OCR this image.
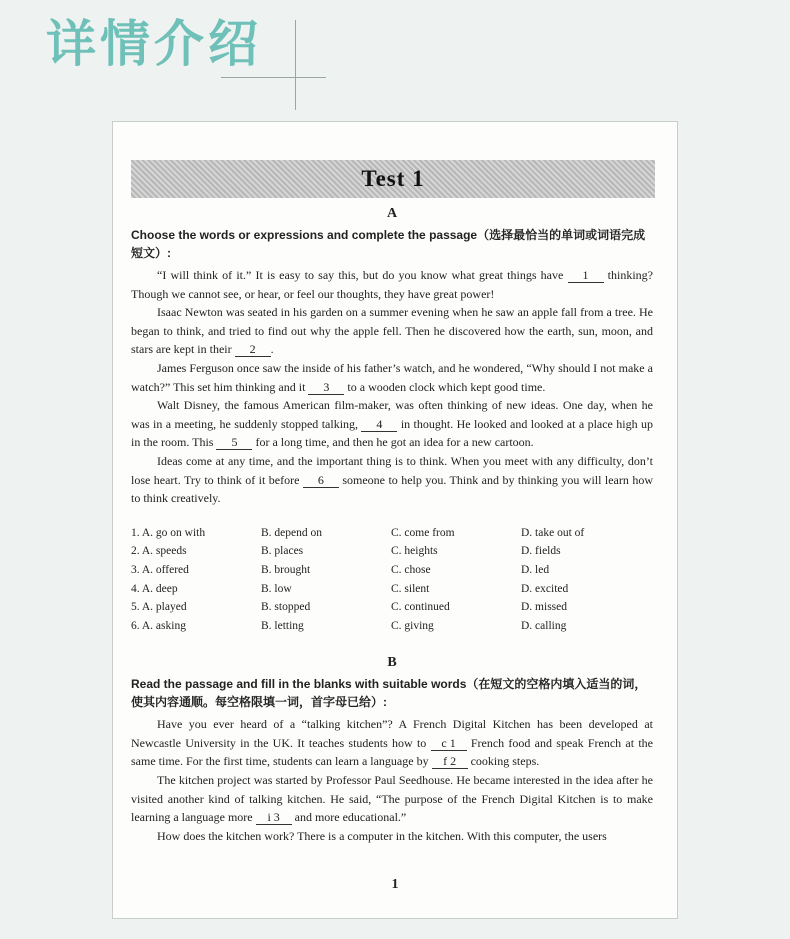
详情介绍
Test 1
A
Choose the words or expressions and complete the passage（选择最恰当的单词或词语完成短文）:

“I will think of it.” It is easy to say this, but do you know what great things have 1 thinking? Though we cannot see, or hear, or feel our thoughts, they have great power!

Isaac Newton was seated in his garden on a summer evening when he saw an apple fall from a tree. He began to think, and tried to find out why the apple fell. Then he discovered how the earth, sun, moon, and stars are kept in their 2 .

James Ferguson once saw the inside of his father’s watch, and he wondered, “Why should I not make a watch?” This set him thinking and it 3 to a wooden clock which kept good time.

Walt Disney, the famous American film-maker, was often thinking of new ideas. One day, when he was in a meeting, he suddenly stopped talking, 4 in thought. He looked and looked at a place high up in the room. This 5 for a long time, and then he got an idea for a new cartoon.

Ideas come at any time, and the important thing is to think. When you meet with any difficulty, don’t lose heart. Try to think of it before 6 someone to help you. Think and by thinking you will learn how to think creatively.

1. A. go on with	B. depend on	C. come from	D. take out of
2. A. speeds	B. places	C. heights	D. fields
3. A. offered	B. brought	C. chose	D. led
4. A. deep	B. low	C. silent	D. excited
5. A. played	B. stopped	C. continued	D. missed
6. A. asking	B. letting	C. giving	D. calling
B
Read the passage and fill in the blanks with suitable words（在短文的空格内填入适当的词，使其内容通顺。每空格限填一词，首字母已给）:

Have you ever heard of a “talking kitchen”? A French Digital Kitchen has been developed at Newcastle University in the UK. It teaches students how to c 1 French food and speak French at the same time. For the first time, students can learn a language by f 2 cooking steps.

The kitchen project was started by Professor Paul Seedhouse. He became interested in the idea after he visited another kind of talking kitchen. He said, “The purpose of the French Digital Kitchen is to make learning a language more i 3 and more educational.”

How does the kitchen work? There is a computer in the kitchen. With this computer, the users

1
